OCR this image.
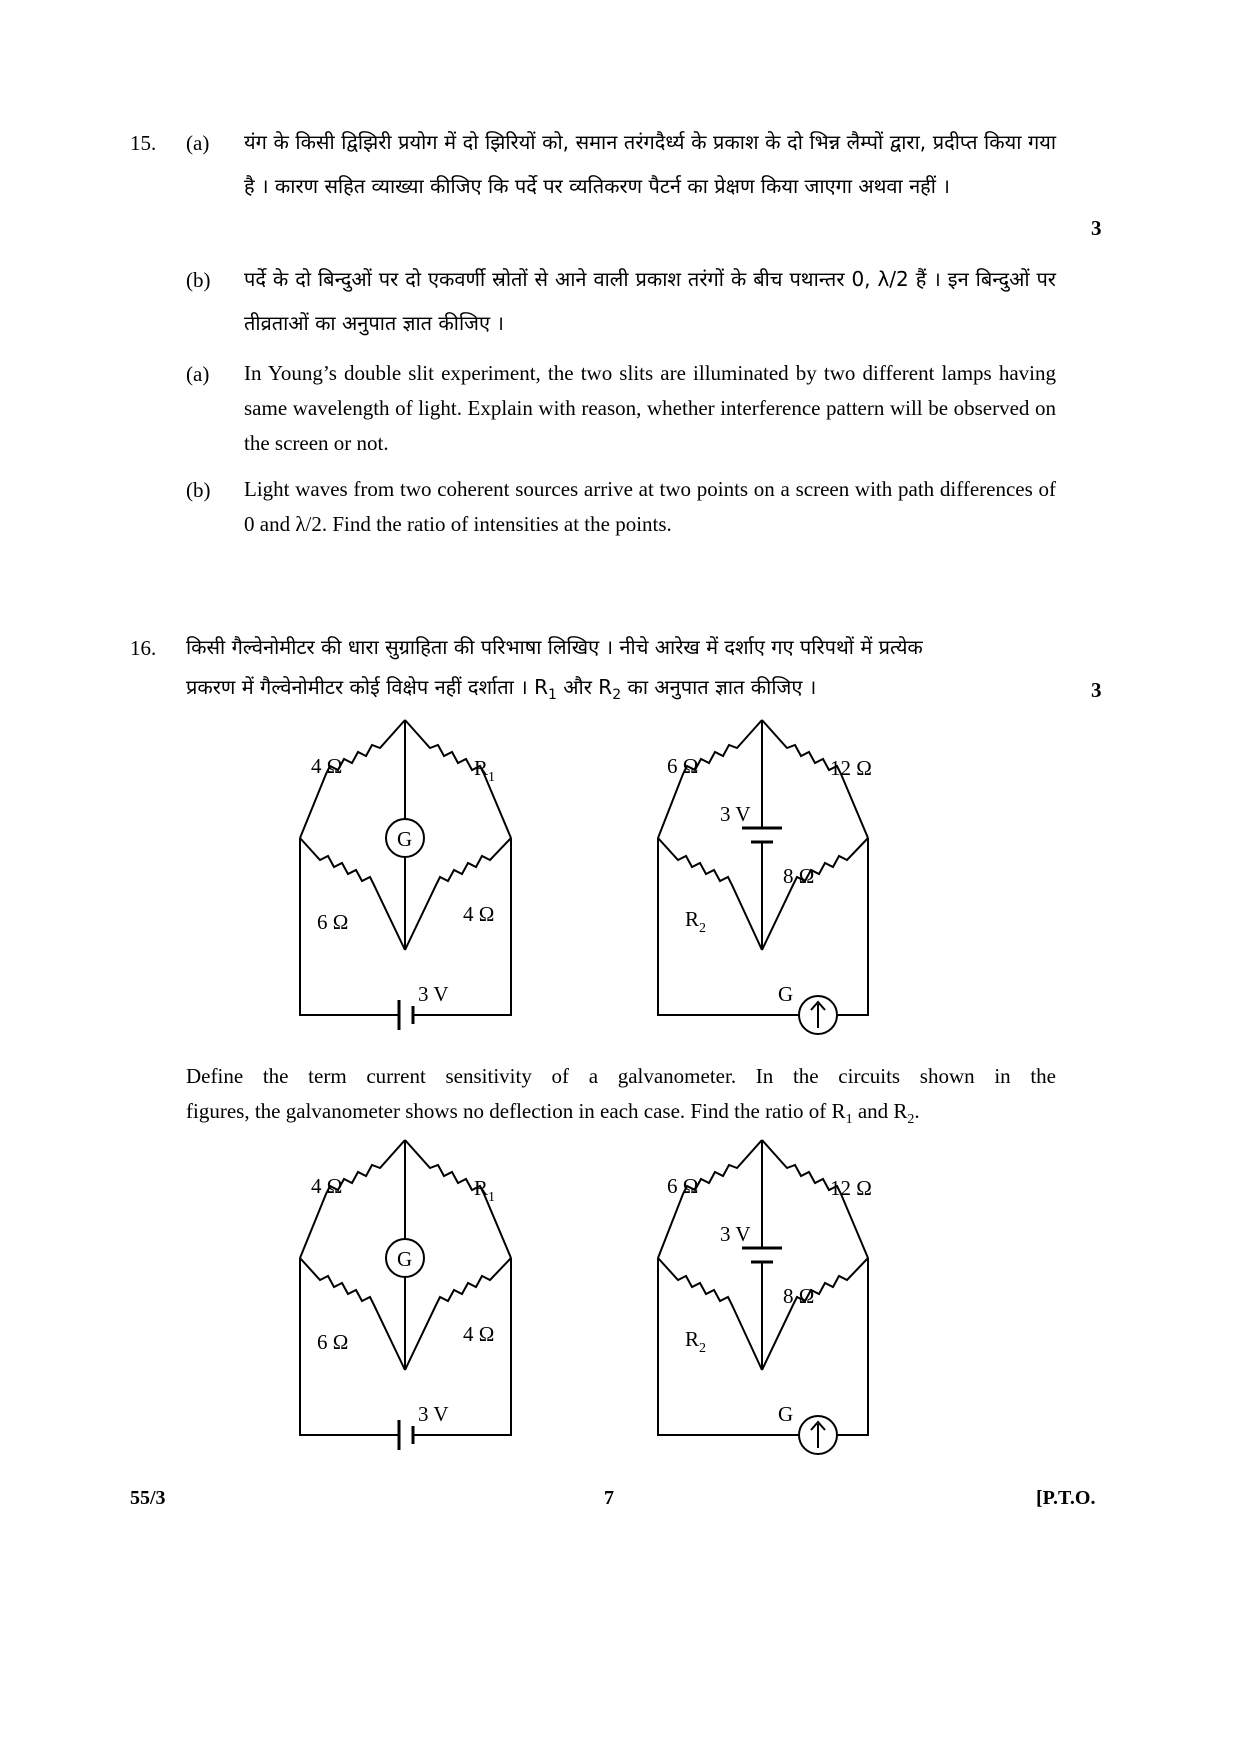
15. (a) यंग के किसी द्विझिरी प्रयोग में दो झिरियों को, समान तरंगदैर्ध्य के प्रकाश के दो भिन्न लैम्पों द्वारा, प्रदीप्त किया गया है । कारण सहित व्याख्या कीजिए कि पर्दे पर व्यतिकरण पैटर्न का प्रेक्षण किया जाएगा अथवा नहीं ।
3
(b) पर्दे के दो बिन्दुओं पर दो एकवर्णी स्रोतों से आने वाली प्रकाश तरंगों के बीच पथान्तर 0, λ/2 हैं । इन बिन्दुओं पर तीव्रताओं का अनुपात ज्ञात कीजिए ।
(a) In Young’s double slit experiment, the two slits are illuminated by two different lamps having same wavelength of light. Explain with reason, whether interference pattern will be observed on the screen or not.
(b) Light waves from two coherent sources arrive at two points on a screen with path differences of 0 and λ/2. Find the ratio of intensities at the points.
16. किसी गैल्वेनोमीटर की धारा सुग्राहिता की परिभाषा लिखिए । नीचे आरेख में दर्शाए गए परिपथों में प्रत्येक
प्रकरण में गैल्वेनोमीटर कोई विक्षेप नहीं दर्शाता । $R_1$ और $R_2$ का अनुपात ज्ञात कीजिए ।	3
4 Ω	$R_1$
G
6 Ω	4 Ω
3 V
6 Ω	12 Ω
3 V
8 Ω
$R_2$
G
4 Ω	$R_1$
G
6 Ω	4 Ω
3 V
6 Ω	12 Ω
3 V
8 Ω
$R_2$
G
Define the term current sensitivity of a galvanometer. In the circuits shown in the
figures, the galvanometer shows no deflection in each case. Find the ratio of $R_1$ and $R_2$.
55/3	7	[P.T.O.
